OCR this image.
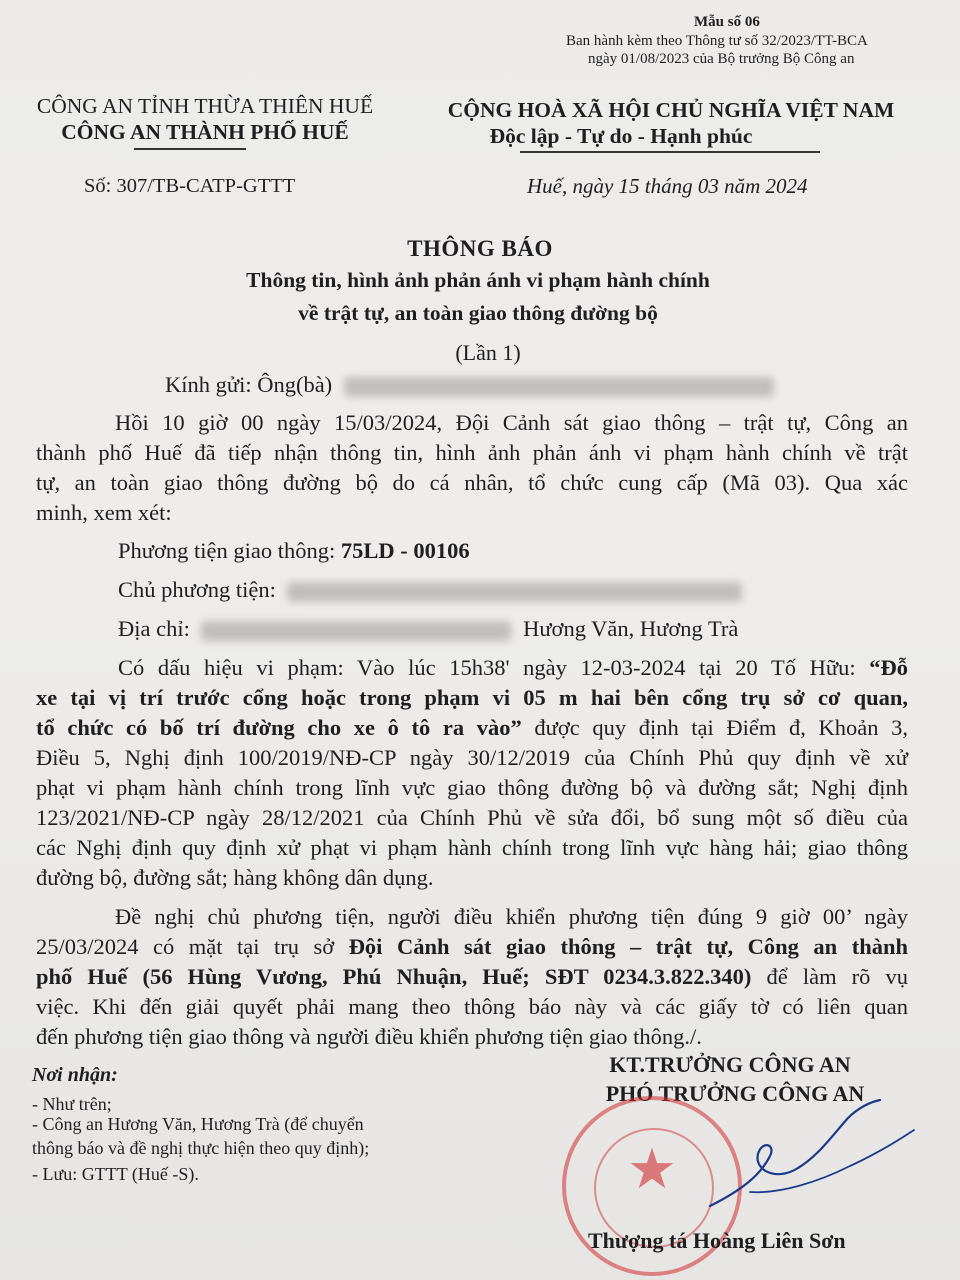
Mẫu số 06
Ban hành kèm theo Thông tư số 32/2023/TT-BCA
ngày 01/08/2023 của Bộ trưởng Bộ Công an
CÔNG AN TỈNH THỪA THIÊN HUẾ
CÔNG AN THÀNH PHỐ HUẾ
Số: 307/TB-CATP-GTTT
CỘNG HOÀ XÃ HỘI CHỦ NGHĨA VIỆT NAM
Độc lập - Tự do - Hạnh phúc
Huế, ngày 15 tháng 03 năm 2024
THÔNG BÁO
Thông tin, hình ảnh phản ánh vi phạm hành chính
về trật tự, an toàn giao thông đường bộ
(Lần 1)
Kính gửi: Ông(bà)
Hồi 10 giờ 00 ngày 15/03/2024, Đội Cảnh sát giao thông – trật tự, Công an
thành phố Huế đã tiếp nhận thông tin, hình ảnh phản ánh vi phạm hành chính về trật
tự, an toàn giao thông đường bộ do cá nhân, tổ chức cung cấp (Mã 03). Qua xác
minh, xem xét:
Phương tiện giao thông: 75LD - 00106
Chủ phương tiện:
Địa chỉ:	Hương Văn, Hương Trà
Có dấu hiệu vi phạm: Vào lúc 15h38' ngày 12-03-2024 tại 20 Tố Hữu: “Đỗ
xe tại vị trí trước cổng hoặc trong phạm vi 05 m hai bên cổng trụ sở cơ quan,
tổ chức có bố trí đường cho xe ô tô ra vào” được quy định tại Điểm đ, Khoản 3,
Điều 5, Nghị định 100/2019/NĐ-CP ngày 30/12/2019 của Chính Phủ quy định về xử
phạt vi phạm hành chính trong lĩnh vực giao thông đường bộ và đường sắt; Nghị định
123/2021/NĐ-CP ngày 28/12/2021 của Chính Phủ về sửa đổi, bổ sung một số điều của
các Nghị định quy định xử phạt vi phạm hành chính trong lĩnh vực hàng hải; giao thông
đường bộ, đường sắt; hàng không dân dụng.
Đề nghị chủ phương tiện, người điều khiển phương tiện đúng 9 giờ 00’ ngày
25/03/2024 có mặt tại trụ sở Đội Cảnh sát giao thông – trật tự, Công an thành
phố Huế (56 Hùng Vương, Phú Nhuận, Huế; SĐT 0234.3.822.340) để làm rõ vụ
việc. Khi đến giải quyết phải mang theo thông báo này và các giấy tờ có liên quan
đến phương tiện giao thông và người điều khiển phương tiện giao thông./.
Nơi nhận:
- Như trên;
- Công an Hương Văn, Hương Trà (để chuyển
thông báo và đề nghị thực hiện theo quy định);
- Lưu: GTTT (Huế -S).
KT.TRƯỞNG CÔNG AN
PHÓ TRƯỞNG CÔNG AN
★
Thượng tá Hoàng Liên Sơn
